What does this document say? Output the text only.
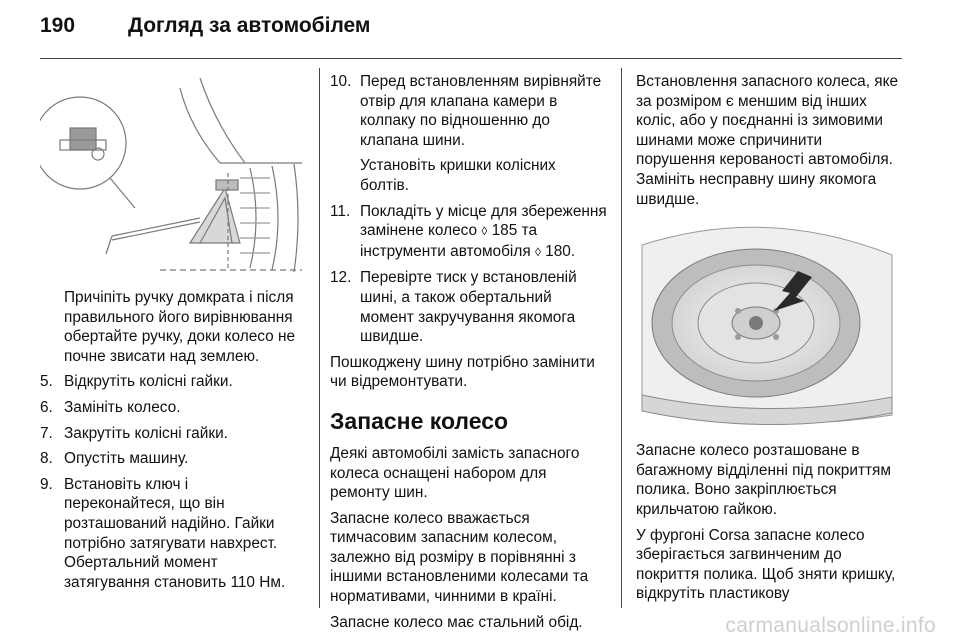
190	Догляд за автомобілем
Причіпіть ручку домкрата і після правильного його вирівнювання обертайте ручку, доки колесо не почне звисати над землею.
5. Відкрутіть колісні гайки.
6. Замініть колесо.
7. Закрутіть колісні гайки.
8. Опустіть машину.
9. Встановіть ключ і переконайтеся, що він розташований надійно. Гайки потрібно затягувати навхрест. Обертальний момент затягування становить 110 Нм.
10. Перед встановленням вирівняйте отвір для клапана камери в колпаку по відношенню до клапана шини.
Установіть кришки колісних болтів.
11. Покладіть у місце для збереження замінене колесо ◊ 185 та інструменти автомобіля ◊ 180.
12. Перевірте тиск у встановленій шині, а також обертальний момент закручування якомога швидше.
Пошкоджену шину потрібно замінити чи відремонтувати.
Запасне колесо
Деякі автомобілі замість запасного колеса оснащені набором для ремонту шин.
Запасне колесо вважається тимчасовим запасним колесом, залежно від розміру в порівнянні з іншими встановленими колесами та нормативами, чинними в країні.
Запасне колесо має стальний обід.
Встановлення запасного колеса, яке за розміром є меншим від інших коліс, або у поєднанні із зимовими шинами може спричинити порушення керованості автомобіля. Замініть несправну шину якомога швидше.
Запасне колесо розташоване в багажному відділенні під покриттям полика. Воно закріплюється крильчатою гайкою.
У фургоні Corsa запасне колесо зберігається загвинченим до покриття полика. Щоб зняти кришку, відкрутіть пластикову
carmanualsonline.info
